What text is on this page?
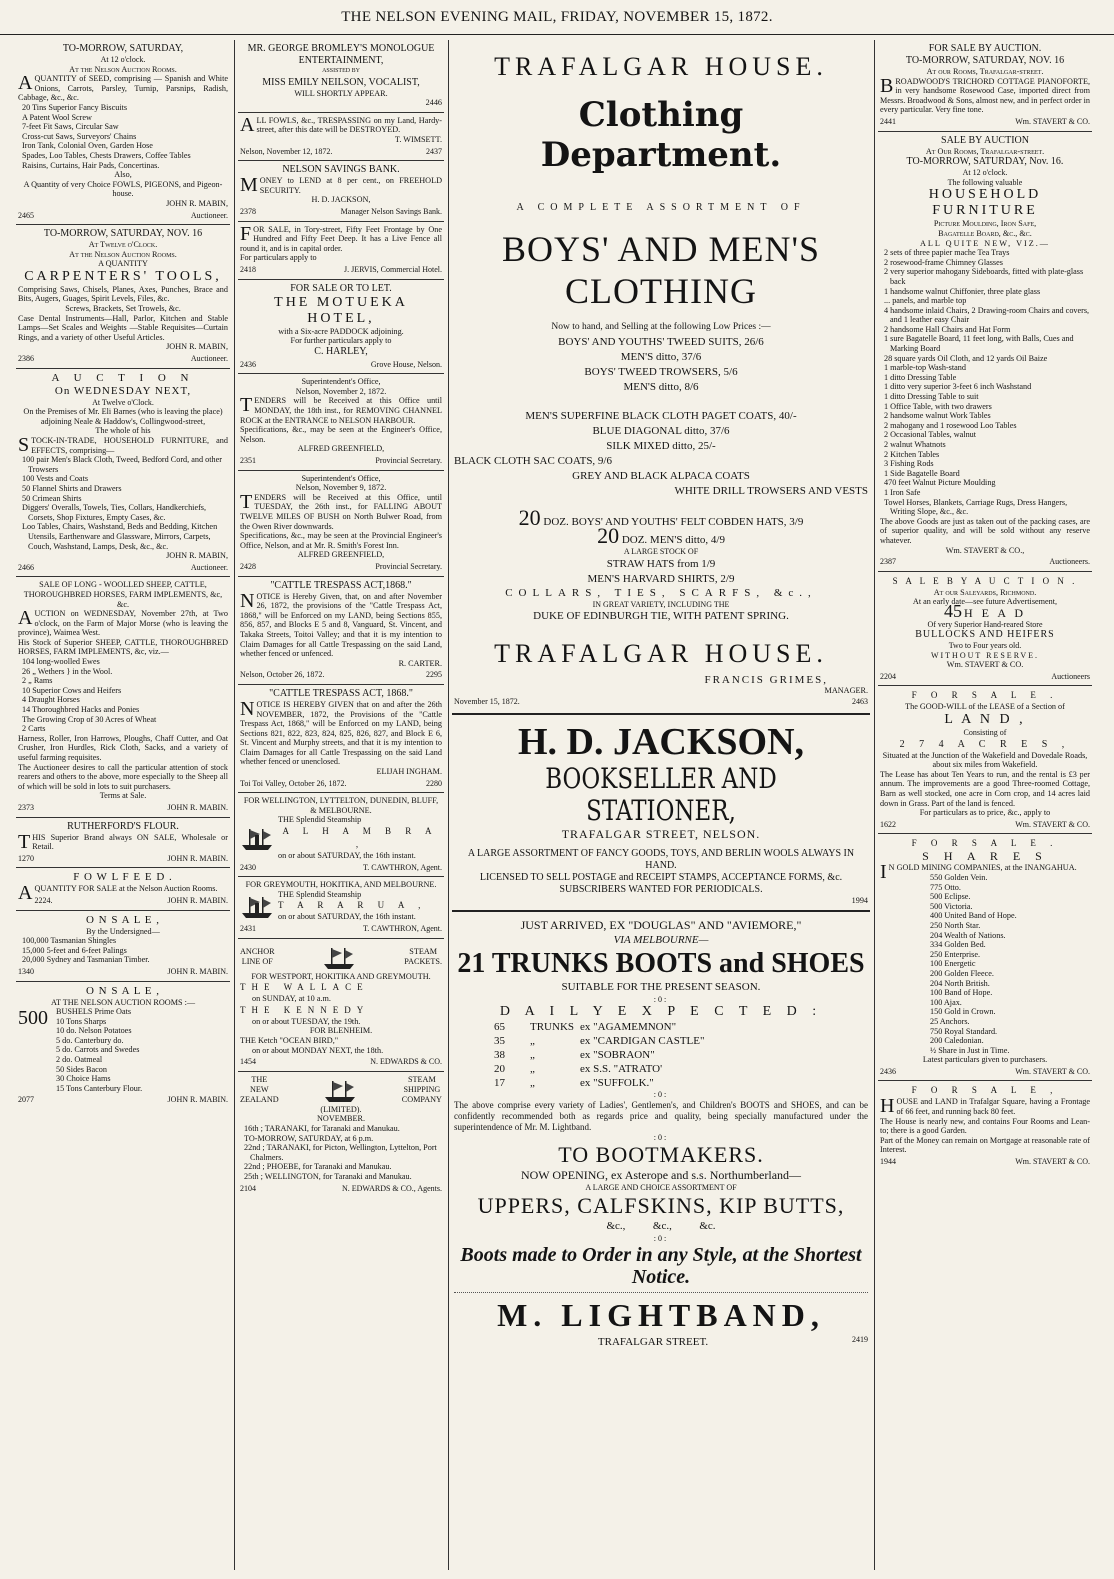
THE NELSON EVENING MAIL, FRIDAY, NOVEMBER 15, 1872.
TO-MORROW, SATURDAY,
At 12 o'clock.
At the Nelson Auction Rooms.
AQUANTITY of SEED, comprising — Spanish and White Onions, Carrots, Parsley, Turnip, Parsnips, Radish, Cabbage, &c., &c.

20 Tins Superior Fancy Biscuits

A Patent Wool Screw

7-feet Fit Saws, Circular Saw

Cross-cut Saws, Surveyors' Chains

Iron Tank, Colonial Oven, Garden Hose

Spades, Loo Tables, Chests Drawers, Coffee Tables

Raisins, Curtains, Hair Pads, Concertinas.

Also,
A Quantity of very Choice FOWLS, PIGEONS, and Pigeon-house.
JOHN R. MABIN,
2465	Auctioneer.
TO-MORROW, SATURDAY, NOV. 16
At Twelve o'Clock.
At the Nelson Auction Rooms.
A QUANTITY
CARPENTERS' TOOLS,
Comprising Saws, Chisels, Planes, Axes, Punches, Brace and Bits, Augers, Guages, Spirit Levels, Files, &c.
Screws, Brackets, Set Trowels, &c.
Case Dental Instruments—Hall, Parlor, Kitchen and Stable Lamps—Set Scales and Weights —Stable Requisites—Curtain Rings, and a variety of other Useful Articles.
JOHN R. MABIN,
2386	Auctioneer.
A U C T I O N
On WEDNESDAY NEXT,
At Twelve o'Clock.
On the Premises of Mr. Eli Barnes (who is leaving the place) adjoining Neale & Haddow's, Collingwood-street,
The whole of his
STOCK-IN-TRADE, HOUSEHOLD FURNITURE, and EFFECTS, comprising—

100 pair Men's Black Cloth, Tweed, Bedford Cord, and other Trowsers

100 Vests and Coats

50 Flannel Shirts and Drawers

50 Crimean Shirts

Diggers' Overalls, Towels, Ties, Collars, Handkerchiefs, Corsets, Shop Fixtures, Empty Cases, &c.

Loo Tables, Chairs, Washstand, Beds and Bedding, Kitchen Utensils, Earthenware and Glassware, Mirrors, Carpets, Couch, Washstand, Lamps, Desk, &c., &c.

JOHN R. MABIN,
2466	Auctioneer.
SALE OF LONG - WOOLLED SHEEP, CATTLE, THOROUGHBRED HORSES, FARM IMPLEMENTS, &c, &c.
AUCTION on WEDNESDAY, November 27th, at Two o'clock, on the Farm of Major Morse (who is leaving the province), Waimea West.
His Stock of Superior SHEEP, CATTLE, THOROUGHBRED HORSES, FARM IMPLEMENTS, &c, viz.—

104 long-woolled Ewes

26 „ Wethers } in the Wool.

2 „ Rams

10 Superior Cows and Heifers

4 Draught Horses

14 Thoroughbred Hacks and Ponies

The Growing Crop of 30 Acres of Wheat

2 Carts

Harness, Roller, Iron Harrows, Ploughs, Chaff Cutter, and Oat Crusher, Iron Hurdles, Rick Cloth, Sacks, and a variety of useful farming requisites.
The Auctioneer desires to call the particular attention of stock rearers and others to the above, more especially to the Sheep all of which will be sold in lots to suit purchasers.
Terms at Sale.
2373	JOHN R. MABIN.
RUTHERFORD'S FLOUR.
THIS Superior Brand always ON SALE, Wholesale or Retail.
1270	JOHN R. MABIN.
F O W L F E E D .
AQUANTITY FOR SALE at the Nelson Auction Rooms.
2224.	JOHN R. MABIN.
O N S A L E ,
By the Undersigned—

100,000 Tasmanian Shingles

15,000 5-feet and 6-feet Palings

20,000 Sydney and Tasmanian Timber.

1340	JOHN R. MABIN.
O N S A L E ,
AT THE NELSON AUCTION ROOMS :—
500 BUSHELS Prime Oats

10 Tons Sharps

10 do. Nelson Potatoes

5 do. Canterbury do.

5 do. Carrots and Swedes

2 do. Oatmeal

50 Sides Bacon

30 Choice Hams

15 Tons Canterbury Flour.

2077	JOHN R. MABIN.
MR. GEORGE BROMLEY'S MONOLOGUE ENTERTAINMENT,
ASSISTED BY
MISS EMILY NEILSON, VOCALIST,
WILL SHORTLY APPEAR.
2446
ALL FOWLS, &c., TRESPASSING on my Land, Hardy-street, after this date will be DESTROYED.
T. WIMSETT.
Nelson, November 12, 1872.	2437
NELSON SAVINGS BANK.
MONEY to LEND at 8 per cent., on FREEHOLD SECURITY.
H. D. JACKSON,
2378	Manager Nelson Savings Bank.
FOR SALE, in Tory-street, Fifty Feet Frontage by One Hundred and Fifty Feet Deep. It has a Live Fence all round it, and is in capital order.
For particulars apply to
2418	J. JERVIS, Commercial Hotel.
FOR SALE OR TO LET.
THE MOTUEKA HOTEL,
with a Six-acre PADDOCK adjoining.
For further particulars apply to
C. HARLEY,
2436	Grove House, Nelson.
Superintendent's Office,
Nelson, November 2, 1872.
TENDERS will be Received at this Office until MONDAY, the 18th inst., for REMOVING CHANNEL ROCK at the ENTRANCE to NELSON HARBOUR.
Specifications, &c., may be seen at the Engineer's Office, Nelson.
ALFRED GREENFIELD,
2351	Provincial Secretary.
Superintendent's Office,
Nelson, November 9, 1872.
TENDERS will be Received at this Office, until TUESDAY, the 26th inst., for FALLING ABOUT TWELVE MILES OF BUSH on North Bulwer Road, from the Owen River downwards.
Specifications, &c., may be seen at the Provincial Engineer's Office, Nelson, and at Mr. R. Smith's Forest Inn.
ALFRED GREENFIELD,
2428	Provincial Secretary.
"CATTLE TRESPASS ACT,1868."
NOTICE is Hereby Given, that, on and after November 26, 1872, the provisions of the "Cattle Trespass Act, 1868," will be Enforced on my LAND, being Sections 855, 856, 857, and Blocks E 5 and 8, Vanguard, St. Vincent, and Takaka Streets, Toitoi Valley; and that it is my intention to Claim Damages for all Cattle Trespassing on the said Land, whether fenced or unfenced.
R. CARTER.
Nelson, October 26, 1872.	2295
"CATTLE TRESPASS ACT, 1868."
NOTICE IS HEREBY GIVEN that on and after the 26th NOVEMBER, 1872, the Provisions of the "Cattle Trespass Act, 1868," will be Enforced on my LAND, being Sections 821, 822, 823, 824, 825, 826, 827, and Block E 6, St. Vincent and Murphy streets, and that it is my intention to Claim Damages for all Cattle Trespassing on the said Land whether fenced or unenclosed.
ELIJAH INGHAM.
Toi Toi Valley, October 26, 1872.	2280
FOR WELLINGTON, LYTTELTON, DUNEDIN, BLUFF, & MELBOURNE.
THE Splendid Steamship
A L H A M B R A ,
on or about SATURDAY, the 16th instant.
2430	T. CAWTHRON, Agent.
FOR GREYMOUTH, HOKITIKA, AND MELBOURNE.
THE Splendid Steamship
T A R A R U A ,
on or about SATURDAY, the 16th instant.
2431	T. CAWTHRON, Agent.
ANCHOR
LINE OF
STEAM
PACKETS.
FOR WESTPORT, HOKITIKA AND GREYMOUTH.
THE WALLACE
on SUNDAY, at 10 a.m.
THE KENNEDY
on or about TUESDAY, the 19th.
FOR BLENHEIM.
THE Ketch "OCEAN BIRD,"
on or about MONDAY NEXT, the 18th.
1454	N. EDWARDS & CO.
THE
NEW
ZEALAND
STEAM
SHIPPING
COMPANY
(LIMITED).
NOVEMBER.

16th ; TARANAKI, for Taranaki and Manukau.

TO-MORROW, SATURDAY, at 6 p.m.

22nd ; TARANAKI, for Picton, Wellington, Lyttelton, Port Chalmers.

22nd ; PHOEBE, for Taranaki and Manukau.

25th ; WELLINGTON, for Taranaki and Manukau.

2104	N. EDWARDS & CO., Agents.
TRAFALGAR HOUSE.
Clothing Department.
A COMPLETE ASSORTMENT OF
BOYS' AND MEN'S CLOTHING
Now to hand, and Selling at the following Low Prices :—
BOYS' AND YOUTHS' TWEED SUITS, 26/6
MEN'S ditto, 37/6
BOYS' TWEED TROWSERS, 5/6
MEN'S ditto, 8/6
MEN'S SUPERFINE BLACK CLOTH PAGET COATS, 40/-
BLUE DIAGONAL ditto, 37/6
SILK MIXED ditto, 25/-
BLACK CLOTH SAC COATS, 9/6
GREY AND BLACK ALPACA COATS
WHITE DRILL TROWSERS AND VESTS
20 DOZ. BOYS' AND YOUTHS' FELT COBDEN HATS, 3/9
20 DOZ. MEN'S ditto, 4/9
A LARGE STOCK OF
STRAW HATS from 1/9
MEN'S HARVARD SHIRTS, 2/9
COLLARS, TIES, SCARFS, &c.,
IN GREAT VARIETY, INCLUDING THE
DUKE OF EDINBURGH TIE, WITH PATENT SPRING.
TRAFALGAR HOUSE.
FRANCIS GRIMES,
MANAGER.
November 15, 1872.	2463
H. D. JACKSON,
BOOKSELLER AND STATIONER,
TRAFALGAR STREET, NELSON.
A LARGE ASSORTMENT OF FANCY GOODS, TOYS, AND BERLIN WOOLS ALWAYS IN HAND.
LICENSED TO SELL POSTAGE and RECEIPT STAMPS, ACCEPTANCE FORMS, &c. SUBSCRIBERS WANTED FOR PERIODICALS.
1994
JUST ARRIVED, EX "DOUGLAS" AND "AVIEMORE,"
VIA MELBOURNE—
21 TRUNKS BOOTS and SHOES
SUITABLE FOR THE PRESENT SEASON.
:0:
D A I L Y E X P E C T E D :
65	TRUNKS ex "AGAMEMNON"
35	„	ex "CARDIGAN CASTLE"
38	„	ex "SOBRAON"
20	„	ex S.S. "ATRATO'
17	„	ex "SUFFOLK."
:0:
The above comprise every variety of Ladies', Gentlemen's, and Children's BOOTS and SHOES, and can be confidently recommended both as regards price and quality, being specially manufactured under the superintendence of Mr. M. Lightband.
:0:
TO BOOTMAKERS.
NOW OPENING, ex Asterope and s.s. Northumberland—
A LARGE AND CHOICE ASSORTMENT OF
UPPERS, CALFSKINS, KIP BUTTS,
&c.,          &c.,          &c.
:0:
Boots made to Order in any Style, at the Shortest Notice.
M. LIGHTBAND,
TRAFALGAR STREET.	2419
FOR SALE BY AUCTION.
TO-MORROW, SATURDAY, NOV. 16
At our Rooms, Trafalgar-street.
BROADWOOD'S TRICHORD COTTAGE PIANOFORTE, in very handsome Rosewood Case, imported direct from Messrs. Broadwood & Sons, almost new, and in perfect order in every particular. Very fine tone.
2441	Wm. STAVERT & CO.
SALE BY AUCTION
At Our Rooms, Trafalgar-street.
TO-MORROW, SATURDAY, Nov. 16.
At 12 o'clock.
The following valuable
HOUSEHOLD FURNITURE
Picture Moulding, Iron Safe,
Bagatelle Board, &c., &c.
ALL QUITE NEW, VIZ.—

2 sets of three papier mache Tea Trays

2 rosewood-frame Chimney Glasses

2 very superior mahogany Sideboards, fitted with plate-glass back

1 handsome walnut Chiffonier, three plate glass

... panels, and marble top

4 handsome inlaid Chairs, 2 Drawing-room Chairs and covers, and 1 leather easy Chair

2 handsome Hall Chairs and Hat Form

1 sure Bagatelle Board, 11 feet long, with Balls, Cues and Marking Board

28 square yards Oil Cloth, and 12 yards Oil Baize

1 marble-top Wash-stand

1 ditto Dressing Table

1 ditto very superior 3-feet 6 inch Washstand

1 ditto Dressing Table to suit

1 Office Table, with two drawers

2 handsome walnut Work Tables

2 mahogany and 1 rosewood Loo Tables

2 Occasional Tables, walnut

2 walnut Whatnots

2 Kitchen Tables

3 Fishing Rods

1 Side Bagatelle Board

470 feet Walnut Picture Moulding

1 Iron Safe

Towel Horses, Blankets, Carriage Rugs, Dress Hangers, Writing Slope, &c., &c.

The above Goods are just as taken out of the packing cases, are of superior quality, and will be sold without any reserve whatever.
Wm. STAVERT & CO.,
2387	Auctioneers.
S A L E B Y A U C T I O N .
At our Saleyards, Richmond.
At an early date—see future Advertisement,
45 H E A D
Of very Superior Hand-reared Store
BULLOCKS AND HEIFERS
Two to Four years old.
WITHOUT RESERVE.
Wm. STAVERT & CO.
2204	Auctioneers
F O R S A L E .
The GOOD-WILL of the LEASE of a Section of
L A N D ,
Consisting of
2 7 4 A C R E S ,
Situated at the Junction of the Wakefield and Dovedale Roads, about six miles from Wakefield.
The Lease has about Ten Years to run, and the rental is £3 per annum. The improvements are a good Three-roomed Cottage, Barn as well stocked, one acre in Corn crop, and 14 acres laid down in Grass. Part of the land is fenced.
For particulars as to price, &c., apply to
1622	Wm. STAVERT & CO.
F O R S A L E .
S H A R E S
IN GOLD MINING COMPANIES, at the INANGAHUA.
550 Golden Vein.
775 Otto.
500 Eclipse.
500 Victoria.
400 United Band of Hope.
250 North Star.
204 Wealth of Nations.
334 Golden Bed.
250 Enterprise.
100 Energetic
200 Golden Fleece.
204 North British.
100 Band of Hope.
100 Ajax.
150 Gold in Crown.
25 Anchors.
750 Royal Standard.
200 Caledonian.
½ Share in Just in Time.
Latest particulars given to purchasers.
2436	Wm. STAVERT & CO.
F O R S A L E ,
HOUSE and LAND in Trafalgar Square, having a Frontage of 66 feet, and running back 80 feet.
The House is nearly new, and contains Four Rooms and Lean-to; there is a good Garden.
Part of the Money can remain on Mortgage at reasonable rate of Interest.
1944	Wm. STAVERT & CO.
